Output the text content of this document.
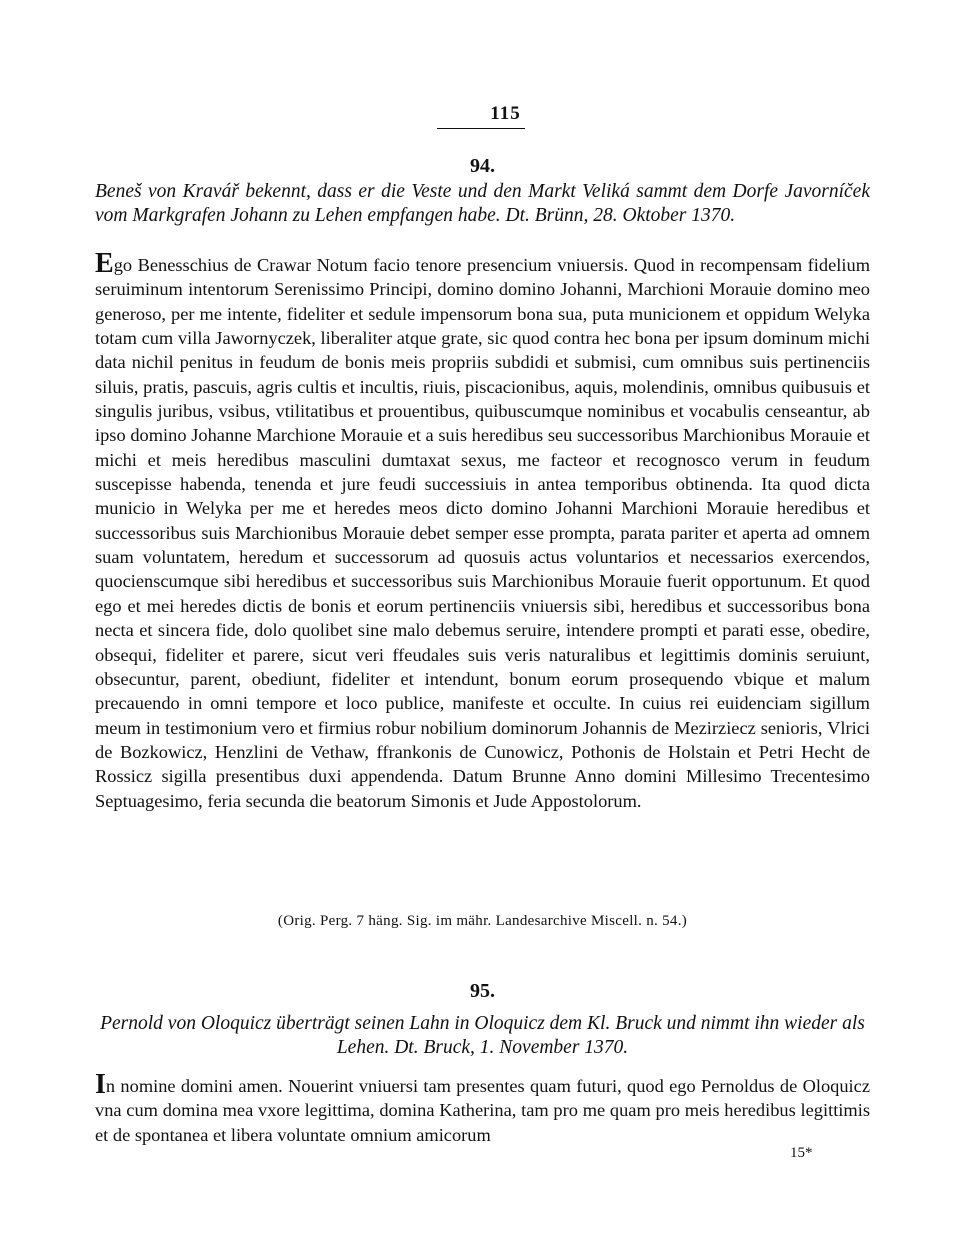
115
94.
Beneš von Kravář bekennt, dass er die Veste und den Markt Veliká sammt dem Dorfe Javorníček vom Markgrafen Johann zu Lehen empfangen habe. Dt. Brünn, 28. Oktober 1370.
Ego Benesschius de Crawar Notum facio tenore presencium vniuersis. Quod in recompensam fidelium seruiminum intentorum Serenissimo Principi, domino domino Johanni, Marchioni Morauie domino meo generoso, per me intente, fideliter et sedule impensorum bona sua, puta municionem et oppidum Welyka totam cum villa Jawornyczek, liberaliter atque grate, sic quod contra hec bona per ipsum dominum michi data nichil penitus in feudum de bonis meis propriis subdidi et submisi, cum omnibus suis pertinenciis siluis, pratis, pascuis, agris cultis et incultis, riuis, piscacionibus, aquis, molendinis, omnibus quibusuis et singulis juribus, vsibus, vtilitatibus et prouentibus, quibuscumque nominibus et vocabulis censeantur, ab ipso domino Johanne Marchione Morauie et a suis heredibus seu successoribus Marchionibus Morauie et michi et meis heredibus masculini dumtaxat sexus, me facteor et recognosco verum in feudum suscepisse habenda, tenenda et jure feudi successiuis in antea temporibus obtinenda. Ita quod dicta municio in Welyka per me et heredes meos dicto domino Johanni Marchioni Morauie heredibus et successoribus suis Marchionibus Morauie debet semper esse prompta, parata pariter et aperta ad omnem suam voluntatem, heredum et successorum ad quosuis actus voluntarios et necessarios exercendos, quocienscumque sibi heredibus et successoribus suis Marchionibus Morauie fuerit opportunum. Et quod ego et mei heredes dictis de bonis et eorum pertinenciis vniuersis sibi, heredibus et successoribus bona necta et sincera fide, dolo quolibet sine malo debemus seruire, intendere prompti et parati esse, obedire, obsequi, fideliter et parere, sicut veri ffeudales suis veris naturalibus et legittimis dominis seruiunt, obsecuntur, parent, obediunt, fideliter et intendunt, bonum eorum prosequendo vbique et malum precauendo in omni tempore et loco publice, manifeste et occulte. In cuius rei euidenciam sigillum meum in testimonium vero et firmius robur nobilium dominorum Johannis de Mezirziecz senioris, Vlrici de Bozkowicz, Henzlini de Vethaw, ffrankonis de Cunowicz, Pothonis de Holstain et Petri Hecht de Rossicz sigilla presentibus duxi appendenda. Datum Brunne Anno domini Millesimo Trecentesimo Septuagesimo, feria secunda die beatorum Simonis et Jude Appostolorum.
(Orig. Perg. 7 häng. Sig. im mähr. Landesarchive Miscell. n. 54.)
95.
Pernold von Oloquicz überträgt seinen Lahn in Oloquicz dem Kl. Bruck und nimmt ihn wieder als Lehen. Dt. Bruck, 1. November 1370.
In nomine domini amen. Nouerint vniuersi tam presentes quam futuri, quod ego Pernoldus de Oloquicz vna cum domina mea vxore legittima, domina Katherina, tam pro me quam pro meis heredibus legittimis et de spontanea et libera voluntate omnium amicorum
15*
